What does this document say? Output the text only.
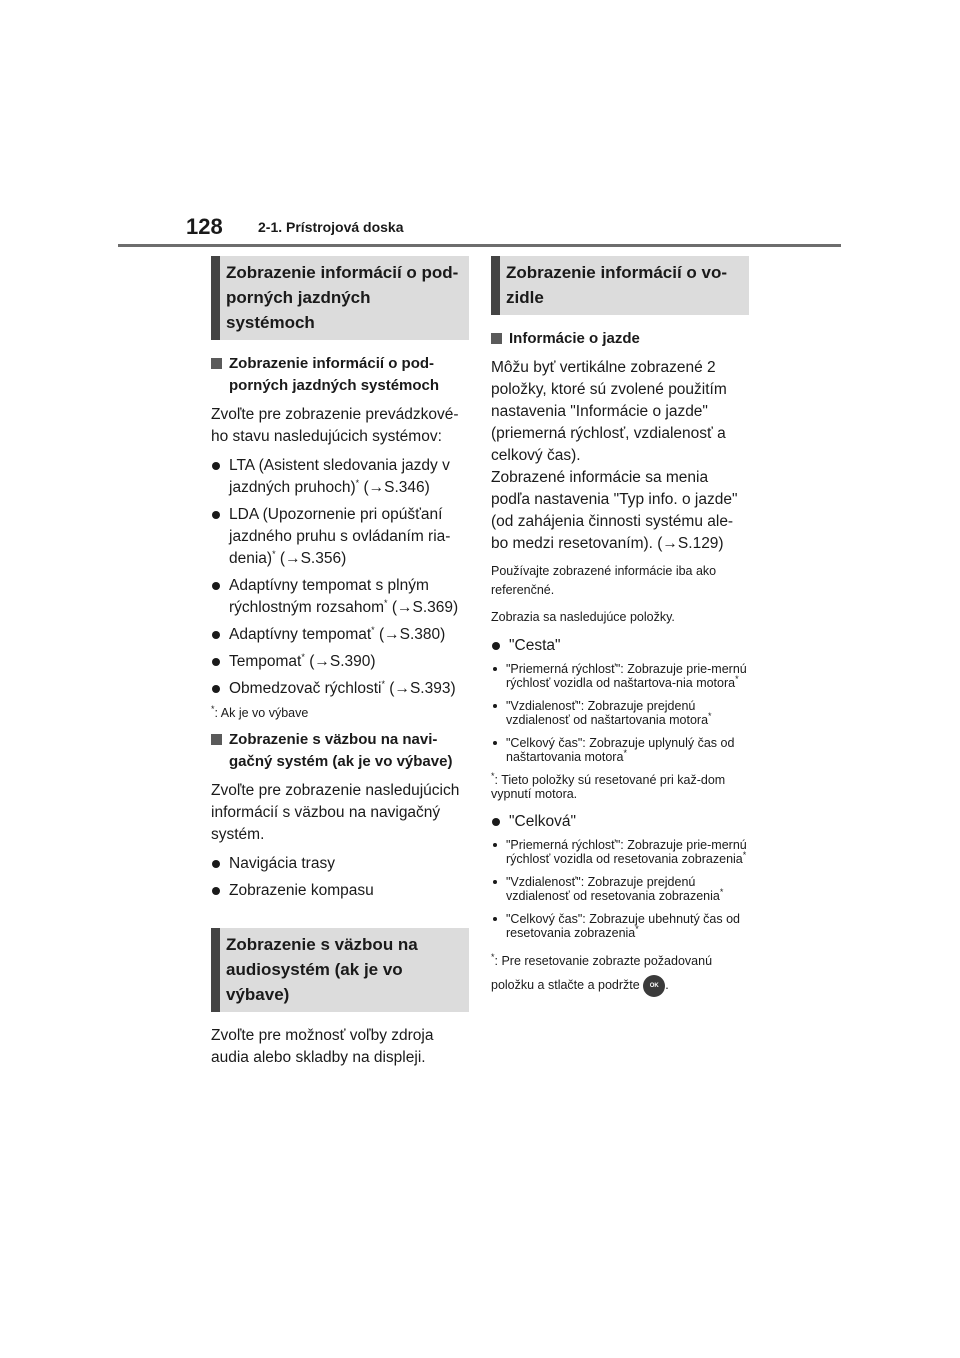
128	2-1. Prístrojová doska
Zobrazenie informácií o pod-porných jazdných systémoch
Zobrazenie informácií o pod-porných jazdných systémoch

Zvoľte pre zobrazenie prevádzkové-ho stavu nasledujúcich systémov:

LTA (Asistent sledovania jazdy v jazdných pruhoch)* (→S.346)
LDA (Upozornenie pri opúšťaní jazdného pruhu s ovládaním ria-denia)* (→S.356)
Adaptívny tempomat s plným rýchlostným rozsahom* (→S.369)
Adaptívny tempomat* (→S.380)
Tempomat* (→S.390)
Obmedzovač rýchlosti* (→S.393)
*: Ak je vo výbave
Zobrazenie s väzbou na navi-gačný systém (ak je vo výbave)

Zvoľte pre zobrazenie nasledujúcich informácií s väzbou na navigačný systém.

Navigácia trasy
Zobrazenie kompasu
Zobrazenie s väzbou na audiosystém (ak je vo výbave)

Zvoľte pre možnosť voľby zdroja audia alebo skladby na displeji.

Zobrazenie informácií o vo-zidle
Informácie o jazde

Môžu byť vertikálne zobrazené 2 položky, ktoré sú zvolené použitím nastavenia "Informácie o jazde" (priemerná rýchlosť, vzdialenosť a celkový čas).

Zobrazené informácie sa menia podľa nastavenia "Typ info. o jazde" (od zahájenia činnosti systému ale-bo medzi resetovaním). (→S.129)

Používajte zobrazené informácie iba ako referenčné.

Zobrazia sa nasledujúce položky.

"Cesta"
"Priemerná rýchlosť": Zobrazuje prie-mernú rýchlosť vozidla od naštartova-nia motora*
"Vzdialenosť": Zobrazuje prejdenú vzdialenosť od naštartovania motora*
"Celkový čas": Zobrazuje uplynulý čas od naštartovania motora*
*: Tieto položky sú resetované pri kaž-dom vypnutí motora.
"Celková"
"Priemerná rýchlosť": Zobrazuje prie-mernú rýchlosť vozidla od resetovania zobrazenia*
"Vzdialenosť": Zobrazuje prejdenú vzdialenosť od resetovania zobrazenia*
"Celkový čas": Zobrazuje ubehnutý čas od resetovania zobrazenia*
*: Pre resetovanie zobrazte požadovanú položku a stlačte a podržte OK .
